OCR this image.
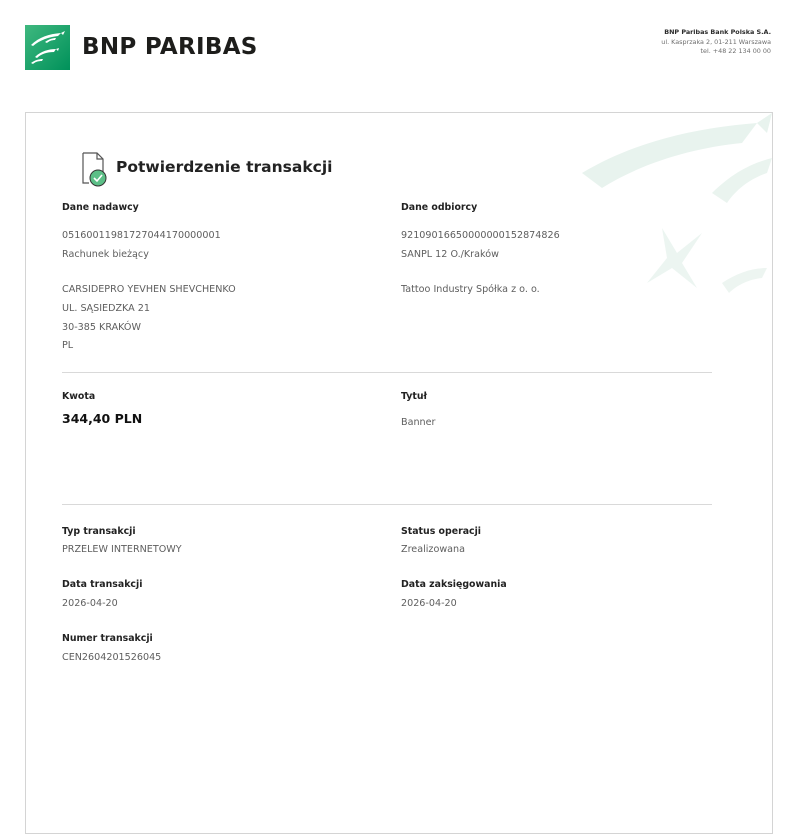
BNP PARIBAS
BNP Paribas Bank Polska S.A.
ul. Kasprzaka 2, 01-211 Warszawa
tel. +48 22 134 00 00
Potwierdzenie transakcji
Dane nadawcy
05160011981727044170000001
Rachunek bieżący
CARSIDEPRO YEVHEN SHEVCHENKO
UL. SĄSIEDZKA 21
30-385 KRAKÓW
PL
Dane odbiorcy
92109016650000000152874826
SANPL 12 O./Kraków
Tattoo Industry Spółka z o. o.
Kwota
344,40 PLN
Tytuł
Banner
Typ transakcji
PRZELEW INTERNETOWY
Status operacji
Zrealizowana
Data transakcji
2026-04-20
Data zaksięgowania
2026-04-20
Numer transakcji
CEN2604201526045
